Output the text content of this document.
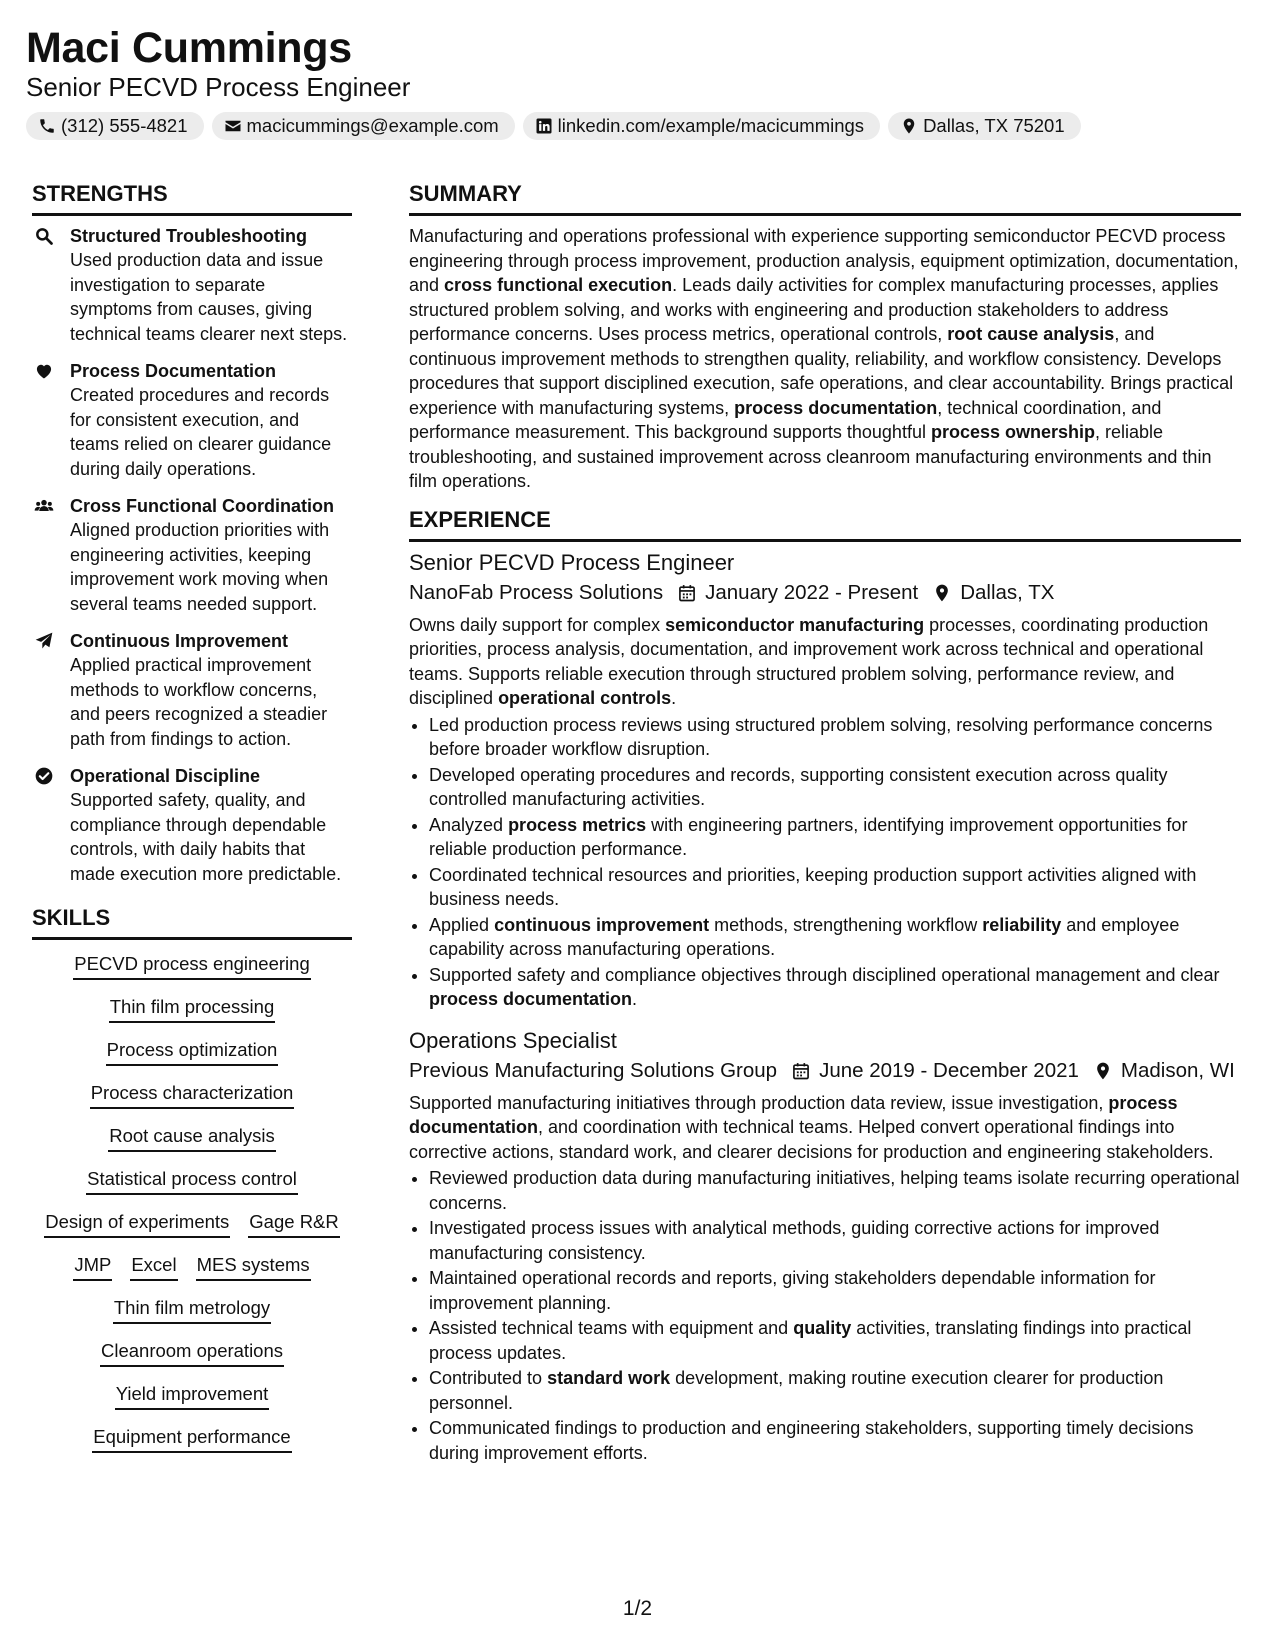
Maci Cummings
Senior PECVD Process Engineer
(312) 555-4821	macicummings@example.com	linkedin.com/example/macicummings	Dallas, TX 75201
STRENGTHS
Structured Troubleshooting
Used production data and issue investigation to separate symptoms from causes, giving technical teams clearer next steps.
Process Documentation
Created procedures and records for consistent execution, and teams relied on clearer guidance during daily operations.
Cross Functional Coordination
Aligned production priorities with engineering activities, keeping improvement work moving when several teams needed support.
Continuous Improvement
Applied practical improvement methods to workflow concerns, and peers recognized a steadier path from findings to action.
Operational Discipline
Supported safety, quality, and compliance through dependable controls, with daily habits that made execution more predictable.
SKILLS
PECVD process engineering
Thin film processing
Process optimization
Process characterization
Root cause analysis
Statistical process control
Design of experiments Gage R&R
JMP Excel MES systems
Thin film metrology
Cleanroom operations
Yield improvement
Equipment performance
SUMMARY
Manufacturing and operations professional with experience supporting semiconductor PECVD process engineering through process improvement, production analysis, equipment optimization, documentation, and cross functional execution. Leads daily activities for complex manufacturing processes, applies structured problem solving, and works with engineering and production stakeholders to address performance concerns. Uses process metrics, operational controls, root cause analysis, and continuous improvement methods to strengthen quality, reliability, and workflow consistency. Develops procedures that support disciplined execution, safe operations, and clear accountability. Brings practical experience with manufacturing systems, process documentation, technical coordination, and performance measurement. This background supports thoughtful process ownership, reliable troubleshooting, and sustained improvement across cleanroom manufacturing environments and thin film operations.
EXPERIENCE
Senior PECVD Process Engineer
NanoFab Process Solutions January 2022 - Present Dallas, TX
Owns daily support for complex semiconductor manufacturing processes, coordinating production priorities, process analysis, documentation, and improvement work across technical and operational teams. Supports reliable execution through structured problem solving, performance review, and disciplined operational controls.
• Led production process reviews using structured problem solving, resolving performance concerns before broader workflow disruption.
• Developed operating procedures and records, supporting consistent execution across quality controlled manufacturing activities.
• Analyzed process metrics with engineering partners, identifying improvement opportunities for reliable production performance.
• Coordinated technical resources and priorities, keeping production support activities aligned with business needs.
• Applied continuous improvement methods, strengthening workflow reliability and employee capability across manufacturing operations.
• Supported safety and compliance objectives through disciplined operational management and clear process documentation.
Operations Specialist
Previous Manufacturing Solutions Group June 2019 - December 2021 Madison, WI
Supported manufacturing initiatives through production data review, issue investigation, process documentation, and coordination with technical teams. Helped convert operational findings into corrective actions, standard work, and clearer decisions for production and engineering stakeholders.
• Reviewed production data during manufacturing initiatives, helping teams isolate recurring operational concerns.
• Investigated process issues with analytical methods, guiding corrective actions for improved manufacturing consistency.
• Maintained operational records and reports, giving stakeholders dependable information for improvement planning.
• Assisted technical teams with equipment and quality activities, translating findings into practical process updates.
• Contributed to standard work development, making routine execution clearer for production personnel.
• Communicated findings to production and engineering stakeholders, supporting timely decisions during improvement efforts.
1/2
